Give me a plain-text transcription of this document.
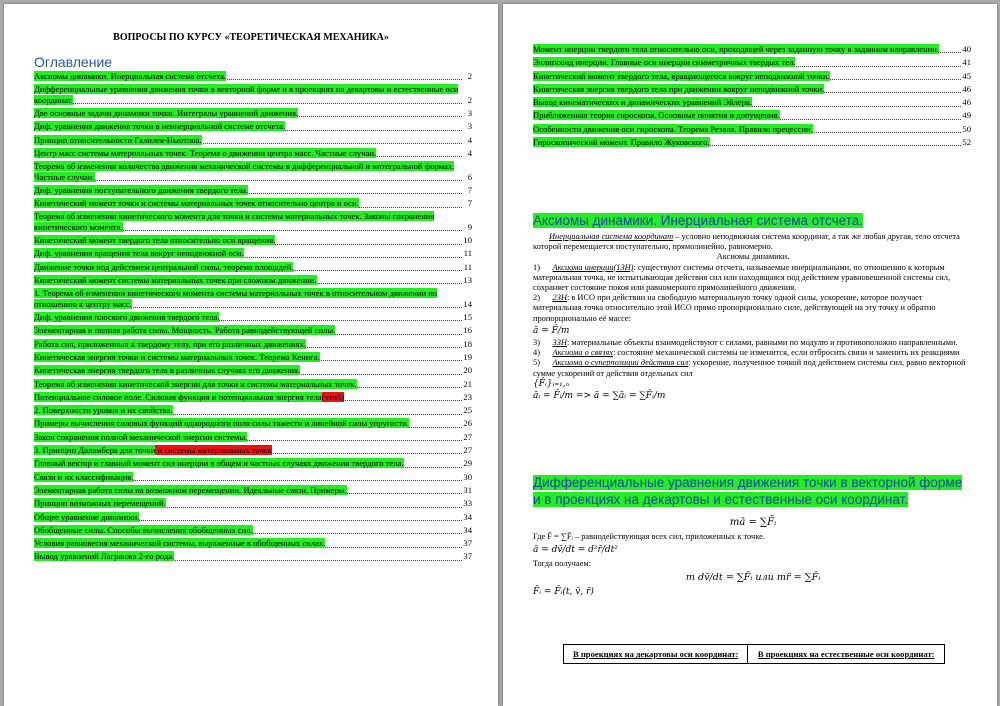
ВОПРОСЫ ПО КУРСУ «ТЕОРЕТИЧЕСКАЯ МЕХАНИКА»
Оглавление
Аксиомы динамики. Инерциальная система отсчета.	2
Дифференциальные уравнения движения точки в векторной форме и в проекциях на декартовы и естественные оси координат.	2
Две основные задачи динамики точки. Интегралы уравнений движения.	3
Диф. уравнения движения точки в неинерциальной системе отсчета.	3
Принцип относительности Галилея-Ньютона.	4
Центр масс системы материальных точек. Теорема о движении центра масс. Частные случаи.	4
Теорема об изменении количества движения механической системы в дифференциальной и интегральной формах. Частные случаи.	6
Диф. уравнения поступательного движения твердого тела.	7
Кинетический момент точки и системы материальных точек относительно центра и оси.	7
Теорема об изменении кинетического момента для точки и системы материальных точек. Законы сохранения кинетического момента.	9
Кинетический момент твердого тела относительно оси вращения.	10
Диф. уравнения вращения тела вокруг неподвижной оси.	11
Движение точки под действием центральной силы, теорема площадей.	11
Кинетический момент системы материальных точек при сложном движении.	13
1. Теорема об изменении кинетического момента системы материальных точек в относительном движении по отношению к центру масс.	14
Диф. уравнения плоского движения твердого тела.	15
Элементарная и полная работа силы. Мощность. Работа равнодействующей силы.	16
Работа сил, приложенных к твердому телу, при его различных движениях.	18
Кинетическая энергия точки и системы материальных точек. Теорема Кенига.	19
Кинетическая энергия твердого тела в различных случаях его движения.	20
Теорема об изменении кинетической энергии для точки и системы материальных точек.	21
Потенциальное силовое поле. Силовая функция и потенциальная энергия тела(чтоб)	23
2. Поверхности уровня и их свойства.	25
Примеры вычисления силовых функций однородного поля силы тяжести и линейной силы упругости.	26
Закон сохранения полной механической энергии системы.	27
3. Принцип Даламбера для точки и системы материальных точек	27
Главный вектор и главный момент сил инерции в общем и частных случаях движения твердого тела.	29
Связи и их классификация.	30
Элементарная работа силы на возможном перемещении. Идеальные связи. Примеры.	31
Принцип возможных перемещений.	33
Общее уравнение динамики.	34
Обобщенные силы. Способы вычисления обобщенных сил.	34
Условия равновесия механической системы, выраженные в обобщенных силах.	37
Вывод уравнений Лагранжа 2-го рода.	37
Момент инерции твердого тела относительно оси, проходящей через заданную точку в заданном направлении.	40
Эллипсоид инерции. Главные оси инерции симметричных твердых тел.	41
Кинетический момент твердого тела, вращающегося вокруг неподвижной точки.	45
Кинетическая энергия твердого тела при движении вокруг неподвижной точки.	46
Вывод кинематических и динамических уравнений Эйлера.	46
Приближенная теория гироскопа. Основные понятия и допущения.	49
Особенности движения оси гироскопа. Теорема Резаля. Правило прецессии.	50
Гироскопический момент. Правило Жуковского.	52
Аксиомы динамики. Инерциальная система отсчета.

Инерциальная система координат – условно неподвижная система координат, а так же любая другая, тело отсчета которой перемещается поступательно, прямолинейно, равномерно.

Аксиомы динамики.

1) Аксиома инерции(1ЗН): существуют системы отсчета, называемые инерциальными, по отношению к которым материальная точка, не испытывающая действия сил или находящаяся под действием уравновешенной системы сил, сохраняет состояние покоя или равномерного прямолинейного движения.

2) 2ЗН: в ИСО при действии на свободную материальную точку одной силы, ускорение, которое получает материальная точка относительно этой ИСО прямо пропорционально силе, действующей на эту точку и обратно пропорционально её массе:

ā = F̄/m

3) 3ЗН: материальные объекты взаимодействуют с силами, равными по модулю и противоположно направленными.

4) Аксиома о связях: состояние механической системы не изменится, если отбросить связи и заменить их реакциями

5) Аксиома о суперпозиции действия сил: ускорение, полученное точкой под действием системы сил, равно векторной сумме ускорений от действия отдельных сил

{F̄ᵢ}ᵢ₌₁,ₙ

āᵢ = F̄ᵢ/m => ā = ∑āᵢ = ∑F̄ᵢ/m

Дифференциальные уравнения движения точки в векторной форме и в проекциях на декартовы и естественные оси координат.

mā = ∑F̄ᵢ

Где F̄ = ∑F̄ᵢ – равнодействующая всех сил, приложенных к точке.

ā = dv̄/dt = d²r̄/dt²

Тогда получаем:

m dv̄/dt = ∑F̄ᵢ или mr̈ = ∑F̄ᵢ

F̄ᵢ = F̄ᵢ(t, v̄, r̄)

В проекциях на декартовы оси координат:	В проекциях на естественные оси координат:
